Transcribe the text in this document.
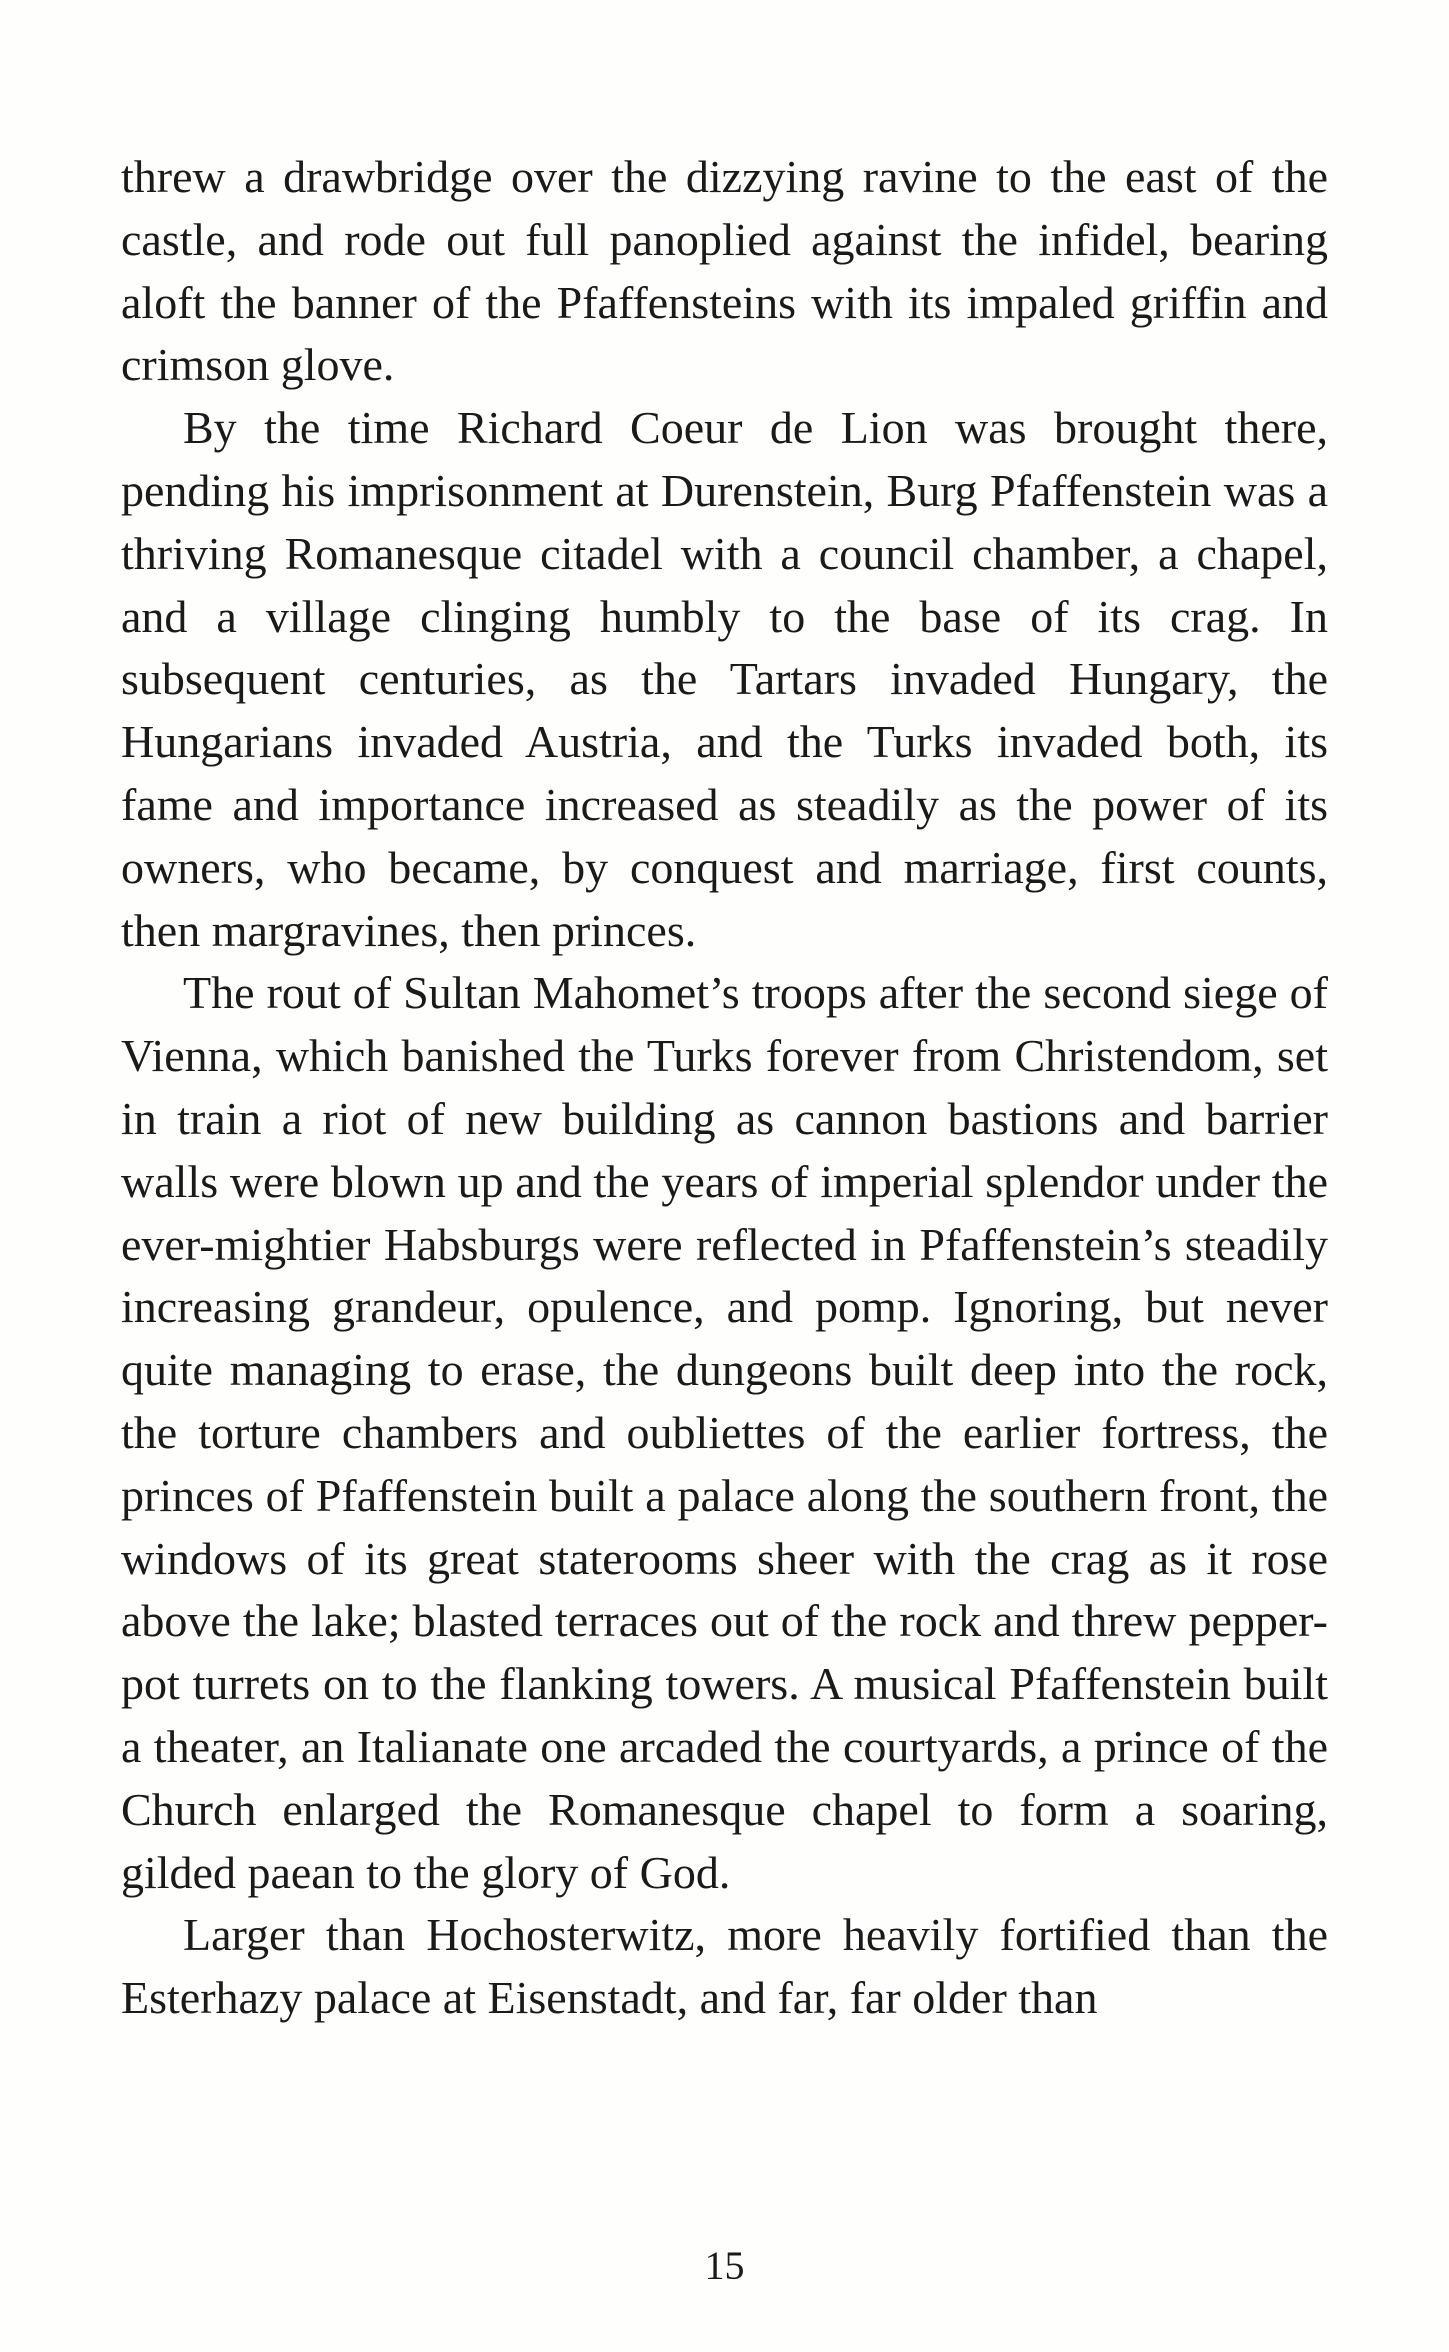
threw a drawbridge over the dizzying ravine to the east of the castle, and rode out full panoplied against the infidel, bearing aloft the banner of the Pfaffensteins with its impaled griffin and crimson glove.

By the time Richard Coeur de Lion was brought there, pending his imprisonment at Durenstein, Burg Pfaffenstein was a thriving Romanesque citadel with a council chamber, a chapel, and a village clinging humbly to the base of its crag. In subsequent centuries, as the Tartars invaded Hungary, the Hungarians invaded Austria, and the Turks invaded both, its fame and importance increased as steadily as the power of its owners, who became, by conquest and marriage, first counts, then margravines, then princes.

The rout of Sultan Mahomet’s troops after the second siege of Vienna, which banished the Turks forever from Christendom, set in train a riot of new building as cannon bastions and barrier walls were blown up and the years of imperial splendor under the ever-mightier Habsburgs were reflected in Pfaffenstein’s steadily increasing grandeur, opulence, and pomp. Ignoring, but never quite managing to erase, the dungeons built deep into the rock, the torture chambers and oubliettes of the earlier fortress, the princes of Pfaffenstein built a palace along the southern front, the windows of its great staterooms sheer with the crag as it rose above the lake; blasted terraces out of the rock and threw pepper-pot turrets on to the flanking towers. A musical Pfaffenstein built a theater, an Italianate one arcaded the courtyards, a prince of the Church enlarged the Romanesque chapel to form a soaring, gilded paean to the glory of God.

Larger than Hochosterwitz, more heavily fortified than the Esterhazy palace at Eisenstadt, and far, far older than

15
